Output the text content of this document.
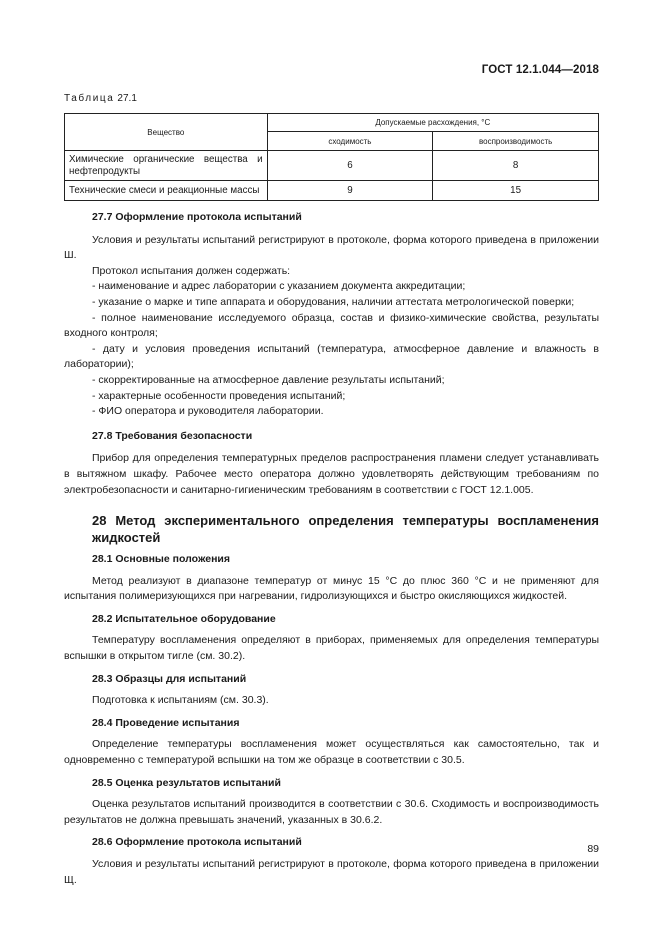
ГОСТ 12.1.044—2018
Таблица 27.1
Вещество	Допускаемые расхождения, °С	
	сходимость	воспроизводимость

Химические органические вещества и
нефтепродукты	6	8
Технические смеси и реакционные массы	9	15

27.7 Оформление протокола испытаний

Условия и результаты испытаний регистрируют в протоколе, форма которого приведена в приложении Ш.

Протокол испытания должен содержать:

- наименование и адрес лаборатории с указанием документа аккредитации;

- указание о марке и типе аппарата и оборудования, наличии аттестата метрологической поверки;

- полное наименование исследуемого образца, состав и физико-химические свойства, результаты входного контроля;

- дату и условия проведения испытаний (температура, атмосферное давление и влажность в лаборатории);

- скорректированные на атмосферное давление результаты испытаний;

- характерные особенности проведения испытаний;

- ФИО оператора и руководителя лаборатории.

27.8 Требования безопасности

Прибор для определения температурных пределов распространения пламени следует устанавливать в вытяжном шкафу. Рабочее место оператора должно удовлетворять действующим требованиям по электробезопасности и санитарно-гигиеническим требованиям в соответствии с ГОСТ 12.1.005.

28 Метод экспериментального определения температуры воспламенения жидкостей

28.1 Основные положения

Метод реализуют в диапазоне температур от минус 15 °С до плюс 360 °С и не применяют для испытания полимеризующихся при нагревании, гидролизующихся и быстро окисляющихся жидкостей.

28.2 Испытательное оборудование

Температуру воспламенения определяют в приборах, применяемых для определения температуры вспышки в открытом тигле (см. 30.2).

28.3 Образцы для испытаний

Подготовка к испытаниям (см. 30.3).

28.4 Проведение испытания

Определение температуры воспламенения может осуществляться как самостоятельно, так и одновременно с температурой вспышки на том же образце в соответствии с 30.5.

28.5 Оценка результатов испытаний

Оценка результатов испытаний производится в соответствии с 30.6. Сходимость и воспроизводимость результатов не должна превышать значений, указанных в 30.6.2.

28.6 Оформление протокола испытаний

Условия и результаты испытаний регистрируют в протоколе, форма которого приведена в приложении Щ.

89
